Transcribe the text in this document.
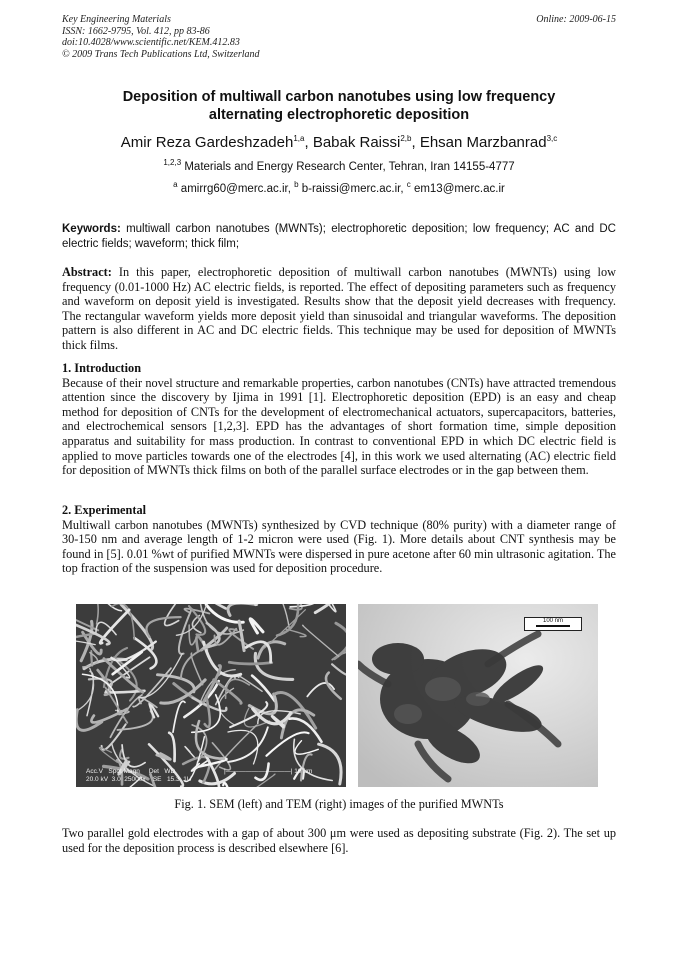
Key Engineering Materials
ISSN: 1662-9795, Vol. 412, pp 83-86
doi:10.4028/www.scientific.net/KEM.412.83
© 2009 Trans Tech Publications Ltd, Switzerland
Online: 2009-06-15
Deposition of multiwall carbon nanotubes using low frequency
alternating electrophoretic deposition
Amir Reza Gardeshzadeh$^{1,a}$, Babak Raissi$^{2,b}$, Ehsan Marzbanrad$^{3,c}$
$^{1,2,3}$ Materials and Energy Research Center, Tehran, Iran 14155-4777
$^a$ amirrg60@merc.ac.ir, $^b$ b-raissi@merc.ac.ir, $^c$ em13@merc.ac.ir
Keywords: multiwall carbon nanotubes (MWNTs); electrophoretic deposition; low frequency; AC and DC electric fields; waveform; thick film;

Abstract: In this paper, electrophoretic deposition of multiwall carbon nanotubes (MWNTs) using low frequency (0.01-1000 Hz) AC electric fields, is reported. The effect of depositing parameters such as frequency and waveform on deposit yield is investigated. Results show that the deposit yield decreases with frequency. The rectangular waveform yields more deposit yield than sinusoidal and triangular waveforms. The deposition pattern is also different in AC and DC electric fields. This technique may be used for deposition of MWNTs thick films.

1. Introduction

Because of their novel structure and remarkable properties, carbon nanotubes (CNTs) have attracted tremendous attention since the discovery by Ijima in 1991 [1]. Electrophoretic deposition (EPD) is an easy and cheap method for deposition of CNTs for the development of electromechanical actuators, supercapacitors, batteries, and electrochemical sensors [1,2,3]. EPD has the advantages of short formation time, simple deposition apparatus and suitability for mass production. In contrast to conventional EPD in which DC electric field is applied to move particles towards one of the electrodes [4], in this work we used alternating (AC) electric field for deposition of MWNTs thick films on both of the parallel surface electrodes or in the gap between them.

2. Experimental

Multiwall carbon nanotubes (MWNTs) synthesized by CVD technique (80% purity) with a diameter range of 30-150 nm and average length of 1-2 micron were used (Fig. 1). More details about CNT synthesis may be found in [5]. 0.01 %wt of purified MWNTs were dispersed in pure acetone after 60 min ultrasonic agitation. The top fraction of the suspension was used for deposition procedure.

Acc.V   Spot Magn     Det   WD
20.0 kV  3.0  25000x    SE   15.3  1U
|——————————| 10 μm
100 nm
Fig. 1. SEM (left) and TEM (right) images of the purified MWNTs

Two parallel gold electrodes with a gap of about 300 μm were used as depositing substrate (Fig. 2). The set up used for the deposition process is described elsewhere [6].
